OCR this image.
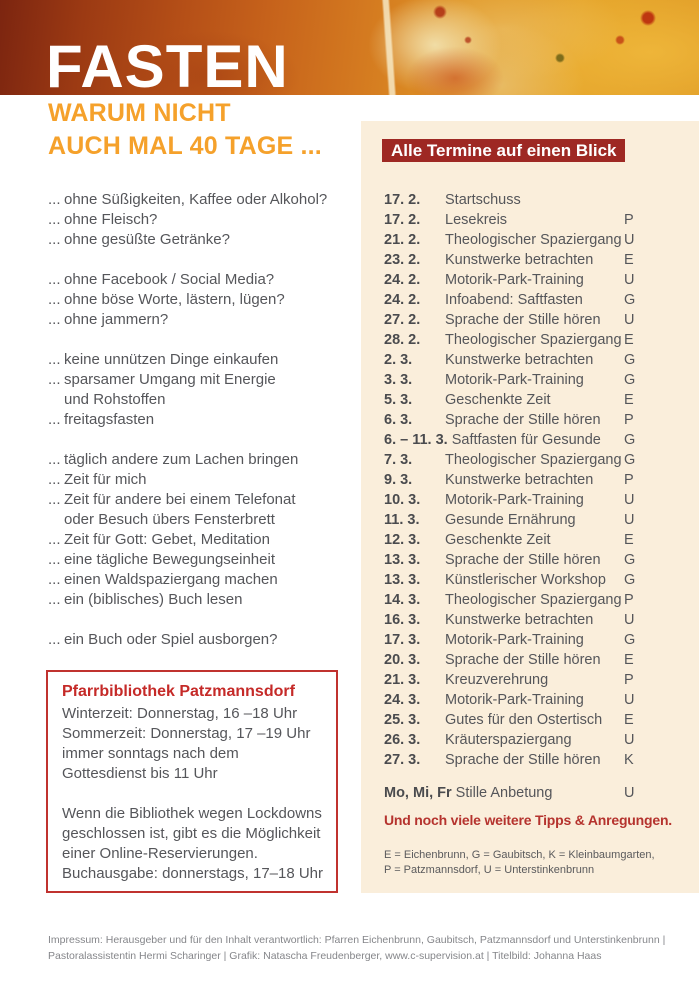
FASTEN
WARUM NICHT
AUCH MAL 40 TAGE ...
... ohne Süßigkeiten, Kaffee oder Alkohol?
... ohne Fleisch?
... ohne gesüßte Getränke?
... ohne Facebook / Social Media?
... ohne böse Worte, lästern, lügen?
... ohne jammern?
... keine unnützen Dinge einkaufen
... sparsamer Umgang mit Energie
und Rohstoffen
... freitagsfasten
... täglich andere zum Lachen bringen
... Zeit für mich
... Zeit für andere bei einem Telefonat
oder Besuch übers Fensterbrett
... Zeit für Gott: Gebet, Meditation
... eine tägliche Bewegungseinheit
... einen Waldspaziergang machen
... ein (biblisches) Buch lesen
... ein Buch oder Spiel ausborgen?
Pfarrbibliothek Patzmannsdorf
Winterzeit: Donnerstag, 16 –18 Uhr
Sommerzeit: Donnerstag, 17 –19 Uhr
immer sonntags nach dem
Gottesdienst bis 11 Uhr
Wenn die Bibliothek wegen Lockdowns
geschlossen ist, gibt es die Möglichkeit
einer Online-Reservierungen.
Buchausgabe: donnerstags, 17–18 Uhr
Alle Termine auf einen Blick
17. 2.	Startschuss
17. 2.	Lesekreis	P
21. 2.	Theologischer Spaziergang U
23. 2.	Kunstwerke betrachten	E
24. 2.	Motorik-Park-Training	U
24. 2.	Infoabend: Saftfasten	G
27. 2.	Sprache der Stille hören	U
28. 2.	Theologischer Spaziergang E
2. 3.	Kunstwerke betrachten	G
3. 3.	Motorik-Park-Training	G
5. 3.	Geschenkte Zeit	E
6. 3.	Sprache der Stille hören	P
6. – 11. 3. Saftfasten für Gesunde	G
7. 3.	Theologischer Spaziergang G
9. 3.	Kunstwerke betrachten	P
10. 3.	Motorik-Park-Training	U
11. 3.	Gesunde Ernährung	U
12. 3.	Geschenkte Zeit	E
13. 3.	Sprache der Stille hören	G
13. 3.	Künstlerischer Workshop	G
14. 3.	Theologischer Spaziergang P
16. 3.	Kunstwerke betrachten	U
17. 3.	Motorik-Park-Training	G
20. 3.	Sprache der Stille hören	E
21. 3.	Kreuzverehrung	P
24. 3.	Motorik-Park-Training	U
25. 3.	Gutes für den Ostertisch	E
26. 3.	Kräuterspaziergang	U
27. 3.	Sprache der Stille hören	K
Mo, Mi, Fr Stille Anbetung	U
Und noch viele weitere Tipps & Anregungen.
E = Eichenbrunn, G = Gaubitsch, K = Kleinbaumgarten,
P = Patzmannsdorf, U = Unterstinkenbrunn
Impressum: Herausgeber und für den Inhalt verantwortlich: Pfarren Eichenbrunn, Gaubitsch, Patzmannsdorf und Unterstinkenbrunn |
Pastoralassistentin Hermi Scharinger | Grafik: Natascha Freudenberger, www.c-supervision.at | Titelbild: Johanna Haas
